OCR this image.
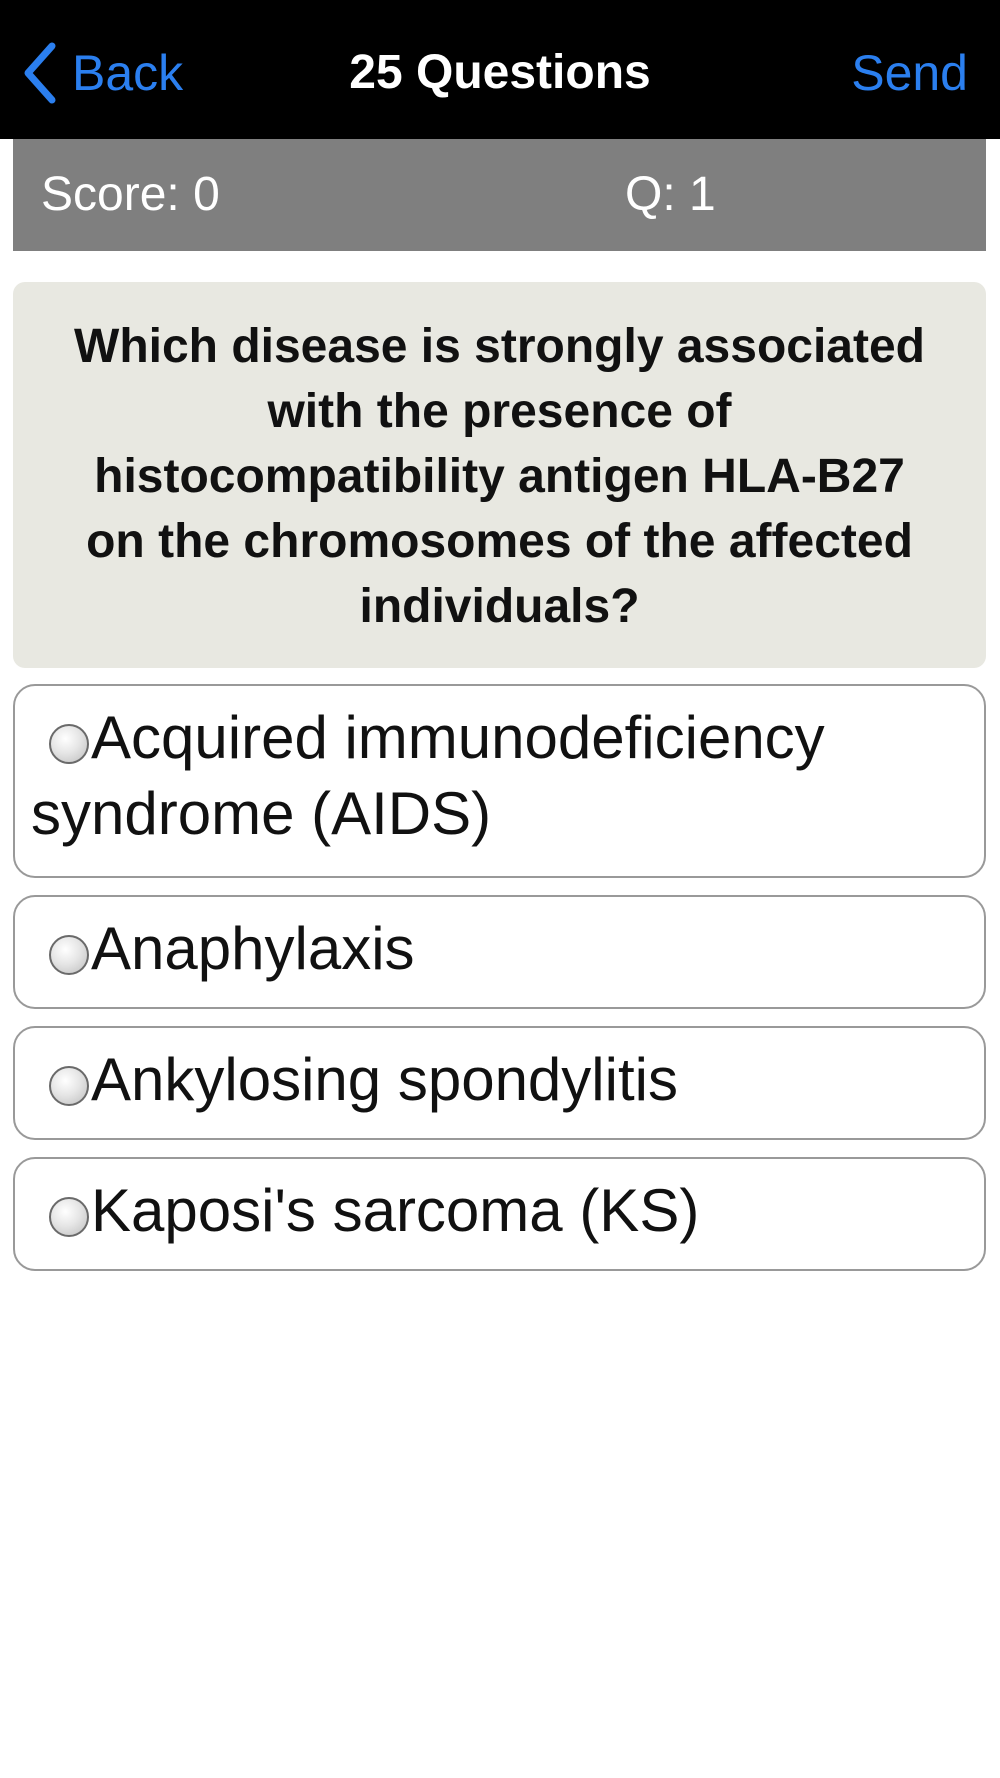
Back	25 Questions	Send
Score: 0	Q: 1

Which disease is strongly associated with the presence of histocompatibility antigen HLA-B27 on the chromosomes of the affected individuals?

Acquired immunodeficiency syndrome (AIDS)
Anaphylaxis
Ankylosing spondylitis
Kaposi's sarcoma (KS)
